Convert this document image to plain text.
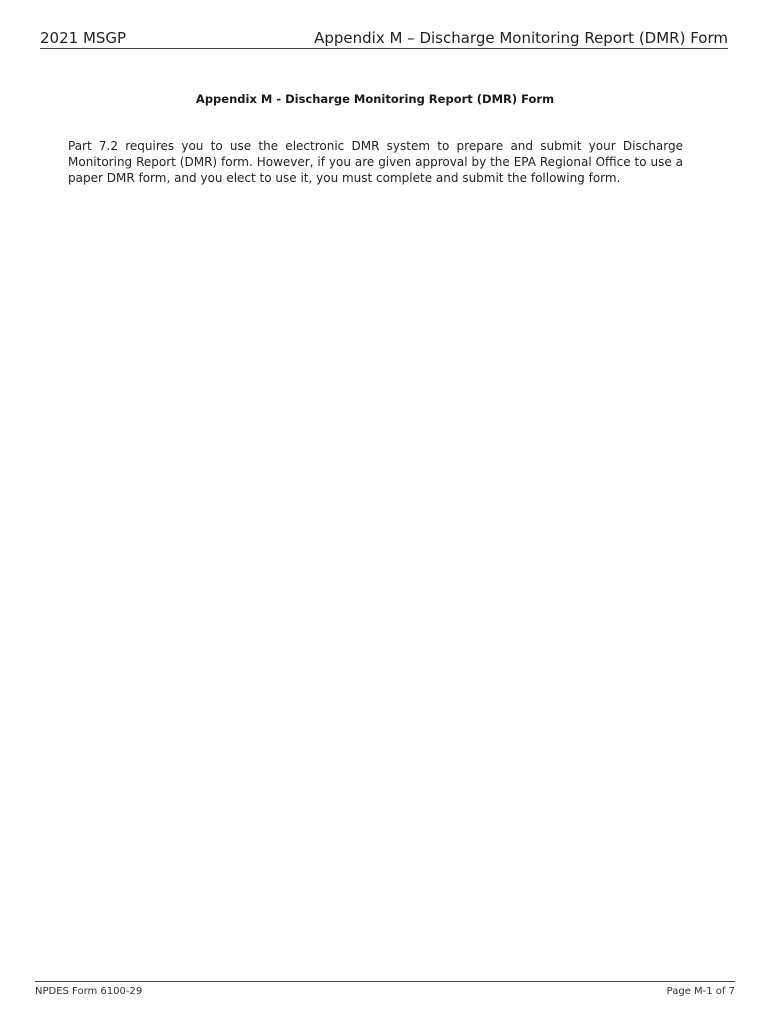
2021 MSGP	Appendix M – Discharge Monitoring Report (DMR) Form
Appendix M - Discharge Monitoring Report (DMR) Form

Part 7.2 requires you to use the electronic DMR system to prepare and submit your Discharge Monitoring Report (DMR) form. However, if you are given approval by the EPA Regional Office to use a paper DMR form, and you elect to use it, you must complete and submit the following form.

NPDES Form 6100-29	Page M-1 of 7
